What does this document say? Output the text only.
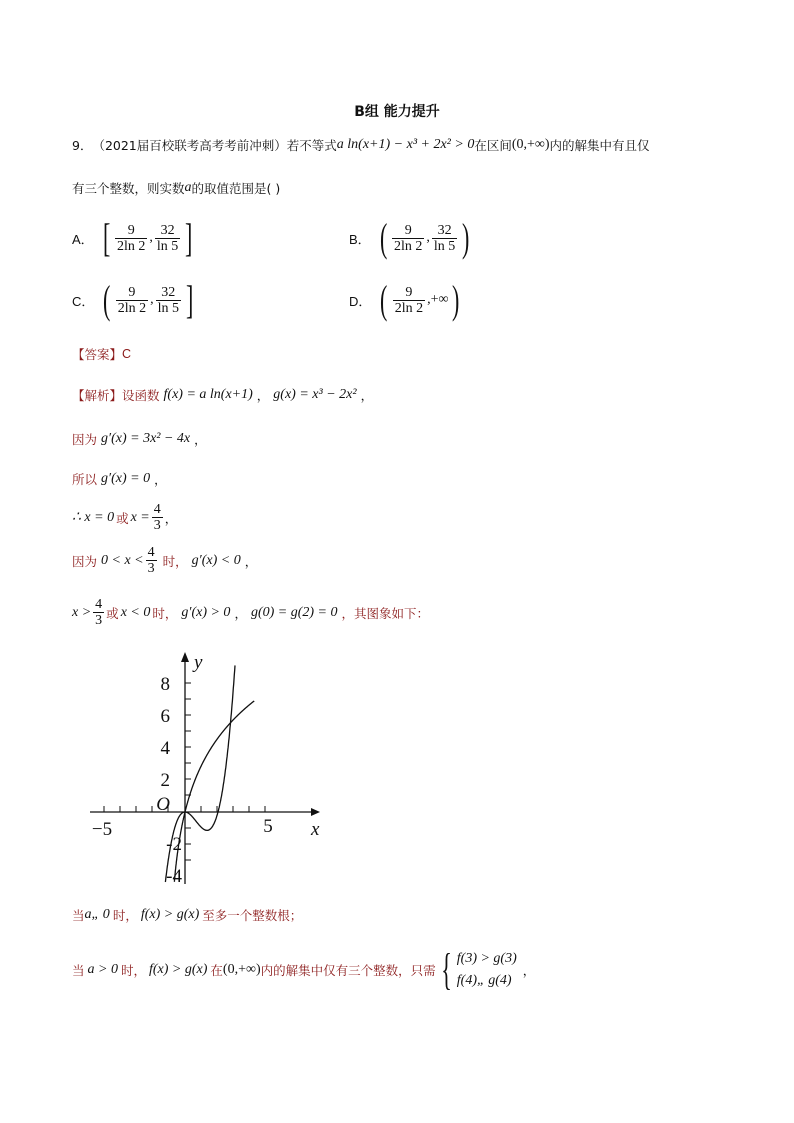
B组 能力提升
9． （2021届百校联考高考考前冲刺） 若不等式 a ln(x+1) − x³ + 2x² > 0 在区间 (0,+∞) 内的解集中有且仅
有三个整数，则实数 a 的取值范围是( )
A． [ $\frac{9}{2\ln 2}$ , $\frac{32}{\ln 5}$ ]	B． ( $\frac{9}{2\ln 2}$ , $\frac{32}{\ln 5}$ )
C． ( $\frac{9}{2\ln 2}$ , $\frac{32}{\ln 5}$ ]	D． ( $\frac{9}{2\ln 2}$ , +∞ )
【答案】 C
【解析】 设函数 f(x) = a ln(x+1) ， g(x) = x³ − 2x² ，
因为 g′(x) = 3x² − 4x ，
所以 g′(x) = 0 ，
∴ x = 0 或 $x = \frac{4}{3}$ ，
因为 $0 < x < \frac{4}{3}$ 时， g′(x) < 0 ，
$x > \frac{4}{3}$ 或 x < 0 时， g′(x) > 0 ， g(0) = g(2) = 0 ，其图象如下：
y
x
8
6
4
2
O
-2
-4
−5	5
当 a„ 0 时， f(x) > g(x) 至多一个整数根；
当 a > 0 时， f(x) > g(x) 在 (0,+∞) 内的解集中仅有三个整数，只需 { f(3) > g(3)
f(4)„ g(4)
，
